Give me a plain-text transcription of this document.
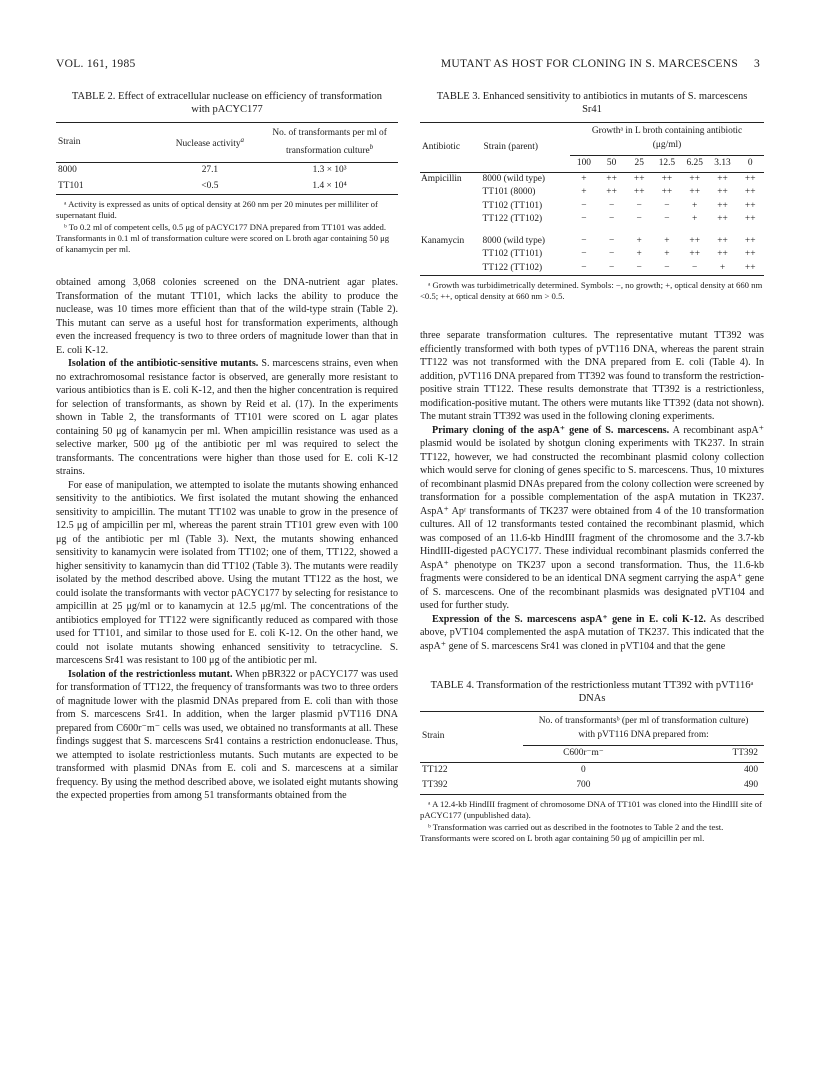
VOL. 161, 1985	MUTANT AS HOST FOR CLONING IN S. MARCESCENS 3
TABLE 2. Effect of extracellular nuclease on efficiency of transformation with pACYC177
Strain	Nuclease activity$^a$	No. of transformants per ml of transformation culture$^b$
8000	27.1	1.3 × 10³
TT101	<0.5	1.4 × 10⁴

ᵃ Activity is expressed as units of optical density at 260 nm per 20 minutes per milliliter of supernatant fluid.

ᵇ To 0.2 ml of competent cells, 0.5 μg of pACYC177 DNA prepared from TT101 was added. Transformants in 0.1 ml of transformation culture were scored on L broth agar containing 50 μg of kanamycin per ml.

obtained among 3,068 colonies screened on the DNA-nutrient agar plates. Transformation of the mutant TT101, which lacks the ability to produce the nuclease, was 10 times more efficient than that of the wild-type strain (Table 2). This mutant can serve as a useful host for transformation experiments, although even the increased frequency is two to three orders of magnitude lower than that in E. coli K-12.

Isolation of the antibiotic-sensitive mutants. S. marcescens strains, even when no extrachromosomal resistance factor is observed, are generally more resistant to various antibiotics than is E. coli K-12, and then the higher concentration is required for selection of transformants, as shown by Reid et al. (17). In the experiments shown in Table 2, the transformants of TT101 were scored on L agar plates containing 50 μg of kanamycin per ml. When ampicillin resistance was used as a selective marker, 500 μg of the antibiotic per ml was required to select the transformants. The concentrations were higher than those used for E. coli K-12 strains.

For ease of manipulation, we attempted to isolate the mutants showing enhanced sensitivity to the antibiotics. We first isolated the mutant showing the enhanced sensitivity to ampicillin. The mutant TT102 was unable to grow in the presence of 12.5 μg of ampicillin per ml, whereas the parent strain TT101 grew even with 100 μg of the antibiotic per ml (Table 3). Next, the mutants showing enhanced sensitivity to kanamycin were isolated from TT102; one of them, TT122, showed a higher sensitivity to kanamycin than did TT102 (Table 3). The mutants were readily isolated by the method described above. Using the mutant TT122 as the host, we could isolate the transformants with vector pACYC177 by selecting for resistance to ampicillin at 25 μg/ml or to kanamycin at 12.5 μg/ml. The concentrations of the antibiotics employed for TT122 were significantly reduced as compared with those used for TT101, and similar to those used for E. coli K-12. On the other hand, we could not isolate mutants showing enhanced sensitivity to tetracycline. S. marcescens Sr41 was resistant to 100 μg of the antibiotic per ml.

Isolation of the restrictionless mutant. When pBR322 or pACYC177 was used for transformation of TT122, the frequency of transformants was two to three orders of magnitude lower with the plasmid DNAs prepared from E. coli than with those from S. marcescens Sr41. In addition, when the larger plasmid pVT116 DNA prepared from C600r⁻m⁻ cells was used, we obtained no transformants at all. These findings suggest that S. marcescens Sr41 contains a restriction endonuclease. Thus, we attempted to isolate restrictionless mutants. Such mutants are expected to be transformed with plasmid DNAs from E. coli and S. marcescens at a similar frequency. By using the method described above, we isolated eight mutants showing the expected properties from among 51 transformants obtained from the

TABLE 3. Enhanced sensitivity to antibiotics in mutants of S. marcescens Sr41
Antibiotic	Strain (parent)	Growthᵃ in L broth containing antibiotic (μg/ml)						
		100	50	25	12.5	6.25	3.13	0
Ampicillin	8000 (wild type)	+	++	++	++	++	++	++
	TT101 (8000)	+	++	++	++	++	++	++
	TT102 (TT101)	−	−	−	−	+	++	++
	TT122 (TT102)	−	−	−	−	+	++	++
Kanamycin	8000 (wild type)	−	−	+	+	++	++	++
	TT102 (TT101)	−	−	+	+	++	++	++
	TT122 (TT102)	−	−	−	−	−	+	++

ᵃ Growth was turbidimetrically determined. Symbols: −, no growth; +, optical density at 660 nm <0.5; ++, optical density at 660 nm > 0.5.

three separate transformation cultures. The representative mutant TT392 was efficiently transformed with both types of pVT116 DNA, whereas the parent strain TT122 was not transformed with the DNA prepared from E. coli (Table 4). In addition, pVT116 DNA prepared from TT392 was found to transform the restriction-positive strain TT122. These results demonstrate that TT392 is a restrictionless, modification-positive mutant. The others were mutants like TT392 (data not shown). The mutant strain TT392 was used in the following cloning experiments.

Primary cloning of the aspA⁺ gene of S. marcescens. A recombinant aspA⁺ plasmid would be isolated by shotgun cloning experiments with TK237. In strain TT122, however, we had constructed the recombinant plasmid colony collection which would serve for cloning of genes specific to S. marcescens. Thus, 10 mixtures of recombinant plasmid DNAs prepared from the colony collection were screened by transformation for a possible complementation of the aspA mutation in TK237. AspA⁺ Apʳ transformants of TK237 were obtained from 4 of the 10 transformation cultures. All of 12 transformants tested contained the recombinant plasmid, which was composed of an 11.6-kb HindIII fragment of the chromosome and the 3.7-kb HindIII-digested pACYC177. These individual recombinant plasmids conferred the AspA⁺ phenotype on TK237 upon a second transformation. Thus, the 11.6-kb fragments were considered to be an identical DNA segment carrying the aspA⁺ gene of S. marcescens. One of the recombinant plasmids was designated pVT104 and used for further study.

Expression of the S. marcescens aspA⁺ gene in E. coli K-12. As described above, pVT104 complemented the aspA mutation of TK237. This indicated that the aspA⁺ gene of S. marcescens Sr41 was cloned in pVT104 and that the gene

TABLE 4. Transformation of the restrictionless mutant TT392 with pVT116ᵃ DNAs
Strain	No. of transformantsᵇ (per ml of transformation culture) with pVT116 DNA prepared from:	
	C600r⁻m⁻	TT392
TT122	0	400
TT392	700	490

ᵃ A 12.4-kb HindIII fragment of chromosome DNA of TT101 was cloned into the HindIII site of pACYC177 (unpublished data).

ᵇ Transformation was carried out as described in the footnotes to Table 2 and the test. Transformants were scored on L broth agar containing 50 μg of ampicillin per ml.
